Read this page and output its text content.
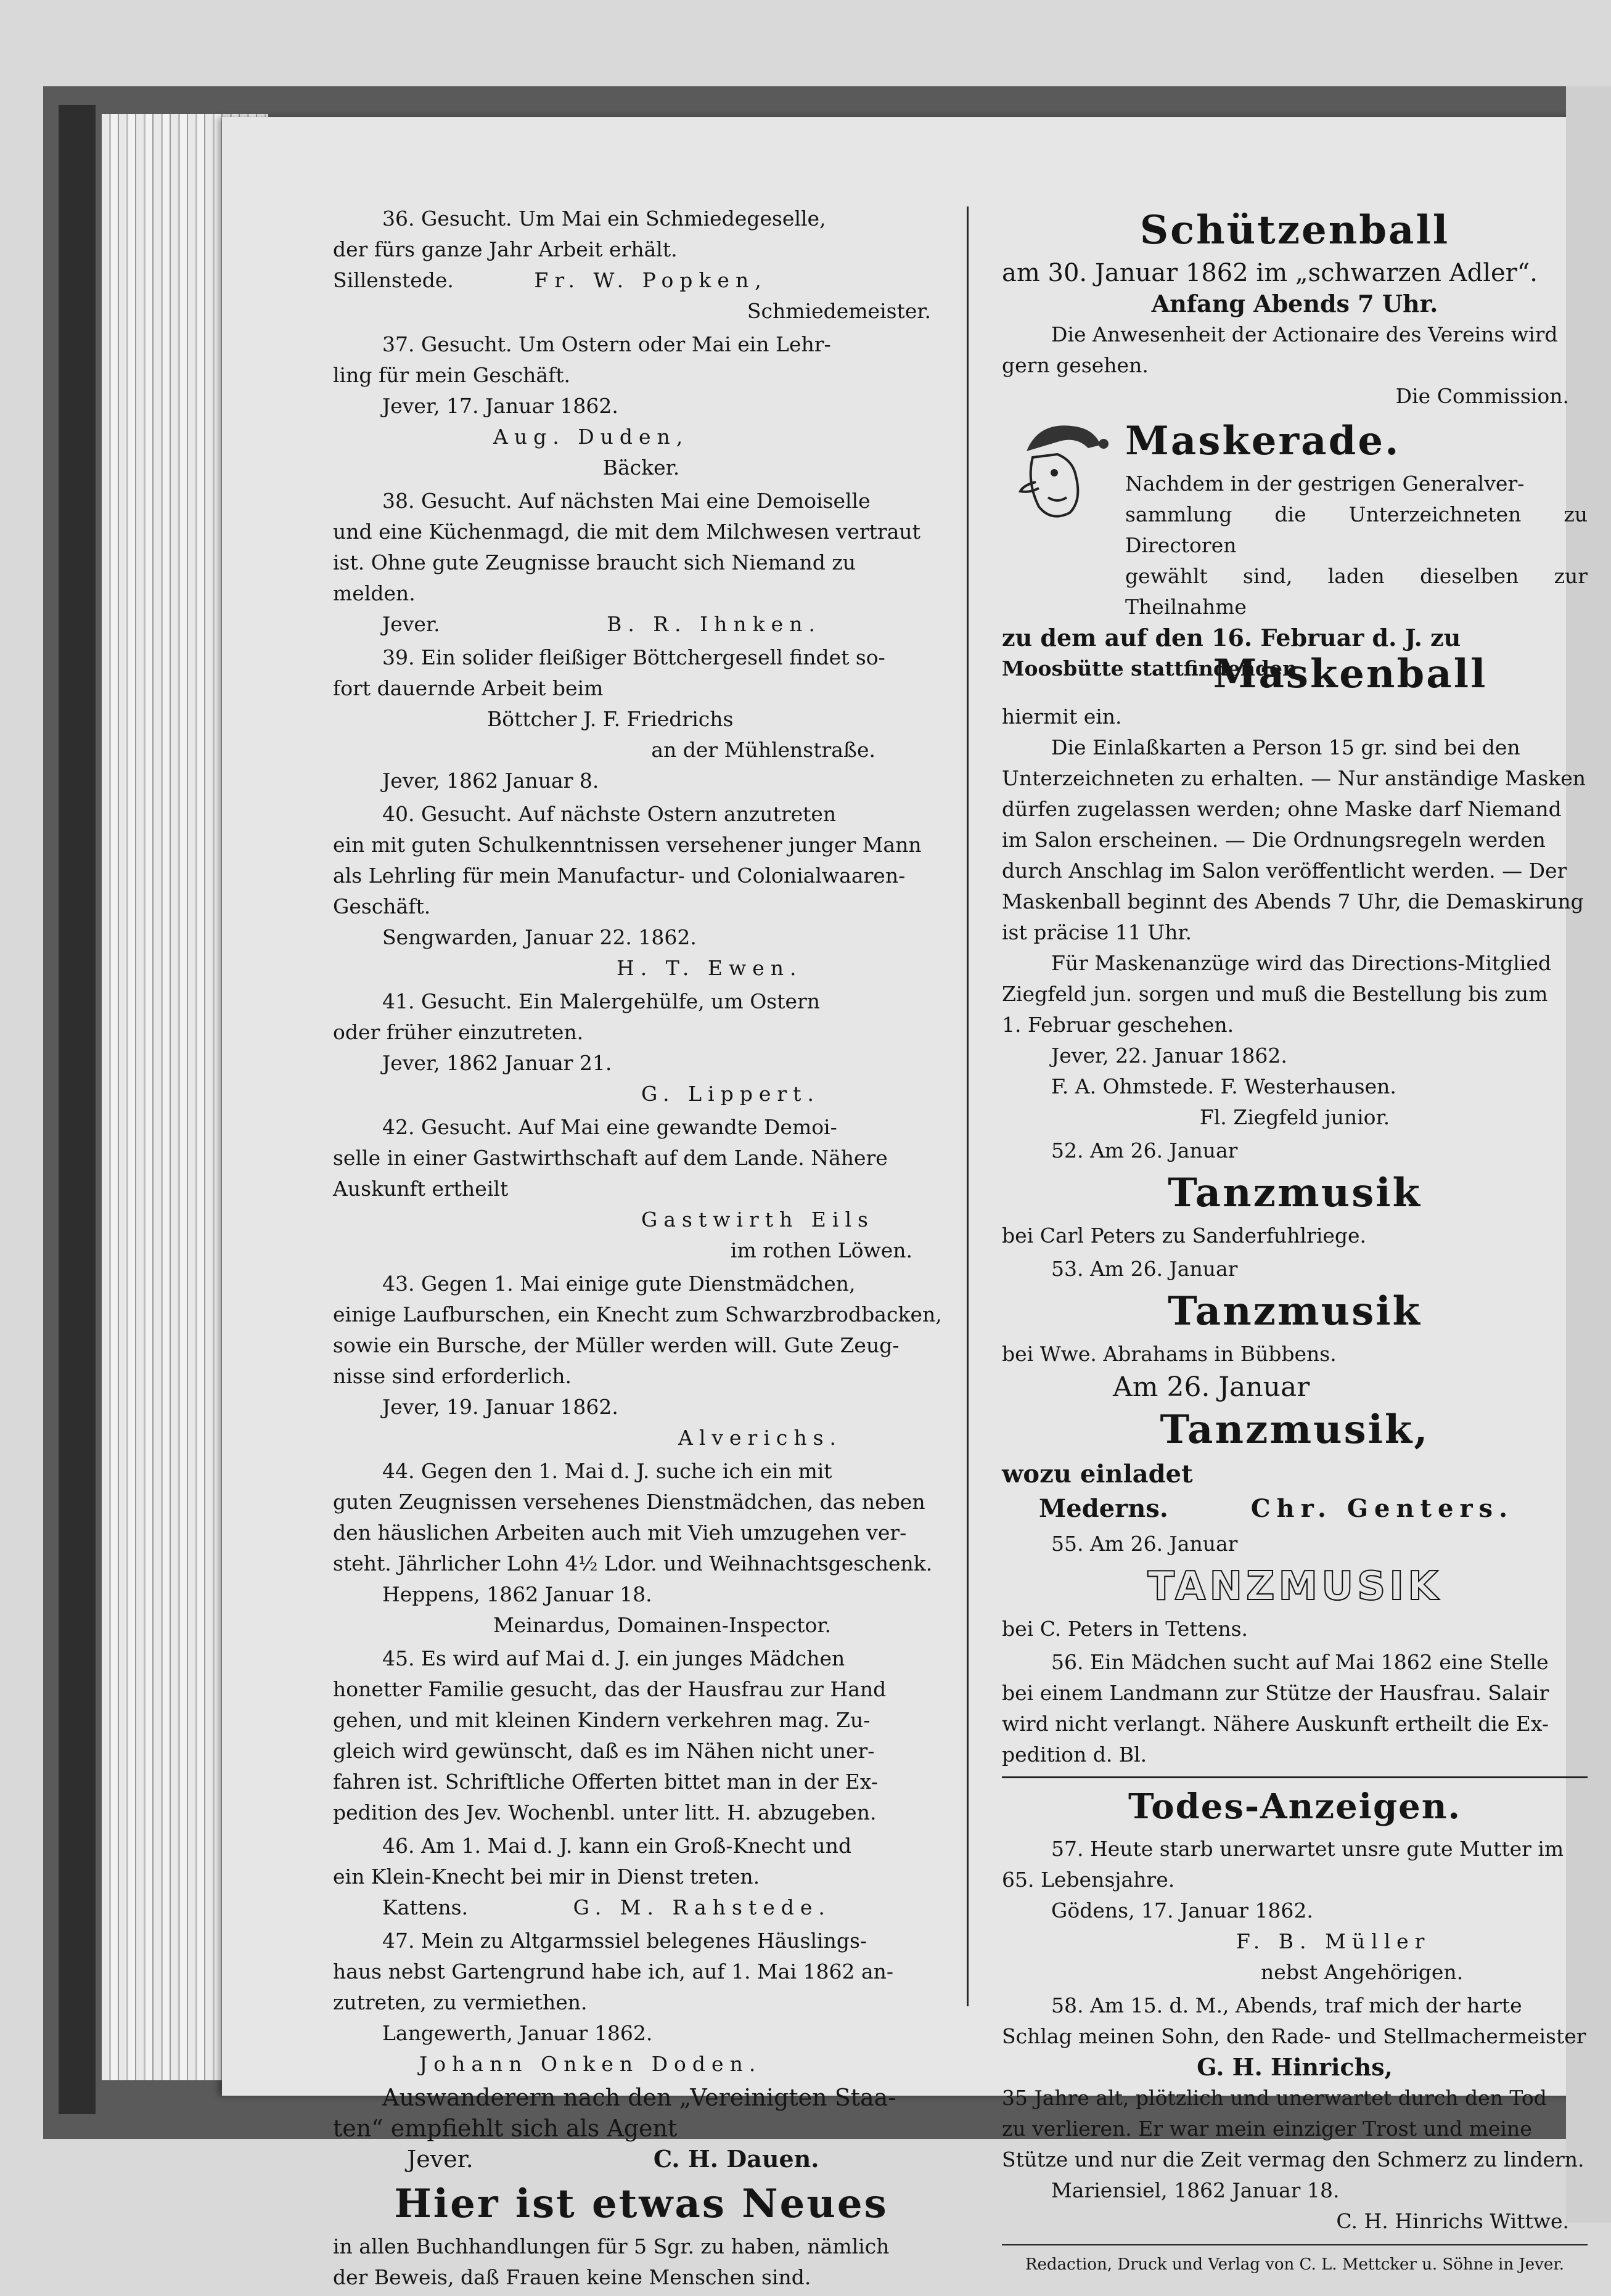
36. Gesucht. Um Mai ein Schmiedegeselle,

der fürs ganze Jahr Arbeit erhält.

Sillenstede.	Fr. W. Popken,

Schmiedemeister.

37. Gesucht. Um Ostern oder Mai ein Lehr-

ling für mein Geschäft.

Jever, 17. Januar 1862.

Aug. Duden,

Bäcker.

38. Gesucht. Auf nächsten Mai eine Demoiselle

und eine Küchenmagd, die mit dem Milchwesen vertraut

ist. Ohne gute Zeugnisse braucht sich Niemand zu

melden.

Jever.	B. R. Ihnken.

39. Ein solider fleißiger Böttchergesell findet so-

fort dauernde Arbeit beim

Böttcher J. F. Friedrichs

an der Mühlenstraße.

Jever, 1862 Januar 8.

40. Gesucht. Auf nächste Ostern anzutreten

ein mit guten Schulkenntnissen versehener junger Mann

als Lehrling für mein Manufactur- und Colonialwaaren-

Geschäft.

Sengwarden, Januar 22. 1862.

H. T. Ewen.

41. Gesucht. Ein Malergehülfe, um Ostern

oder früher einzutreten.

Jever, 1862 Januar 21.

G. Lippert.

42. Gesucht. Auf Mai eine gewandte Demoi-

selle in einer Gastwirthschaft auf dem Lande. Nähere

Auskunft ertheilt

Gastwirth Eils

im rothen Löwen.

43. Gegen 1. Mai einige gute Dienstmädchen,

einige Laufburschen, ein Knecht zum Schwarzbrodbacken,

sowie ein Bursche, der Müller werden will. Gute Zeug-

nisse sind erforderlich.

Jever, 19. Januar 1862.

Alverichs.

44. Gegen den 1. Mai d. J. suche ich ein mit

guten Zeugnissen versehenes Dienstmädchen, das neben

den häuslichen Arbeiten auch mit Vieh umzugehen ver-

steht. Jährlicher Lohn 4½ Ldor. und Weihnachtsgeschenk.

Heppens, 1862 Januar 18.

Meinardus, Domainen-Inspector.

45. Es wird auf Mai d. J. ein junges Mädchen

honetter Familie gesucht, das der Hausfrau zur Hand

gehen, und mit kleinen Kindern verkehren mag. Zu-

gleich wird gewünscht, daß es im Nähen nicht uner-

fahren ist. Schriftliche Offerten bittet man in der Ex-

pedition des Jev. Wochenbl. unter litt. H. abzugeben.

46. Am 1. Mai d. J. kann ein Groß-Knecht und

ein Klein-Knecht bei mir in Dienst treten.

Kattens.	G. M. Rahstede.

47. Mein zu Altgarmssiel belegenes Häuslings-

haus nebst Gartengrund habe ich, auf 1. Mai 1862 an-

zutreten, zu vermiethen.

Langewerth, Januar 1862.

Johann Onken Doden.

Auswanderern nach den „Vereinigten Staa-

ten“ empfiehlt sich als Agent

Jever.	C. H. Dauen.

Hier ist etwas Neues

in allen Buchhandlungen für 5 Sgr. zu haben, nämlich

der Beweis, daß Frauen keine Menschen sind.

Schützenball

am 30. Januar 1862 im „schwarzen Adler“.

Anfang Abends 7 Uhr.

Die Anwesenheit der Actionaire des Vereins wird

gern gesehen.

Die Commission.

Maskerade.

Nachdem in der gestrigen Generalver-

sammlung die Unterzeichneten zu Directoren

gewählt sind, laden dieselben zur Theilnahme

zu dem auf den 16. Februar d. J. zu

Moosbütte stattfindenden

Maskenball

hiermit ein.

Die Einlaßkarten a Person 15 gr. sind bei den

Unterzeichneten zu erhalten. — Nur anständige Masken

dürfen zugelassen werden; ohne Maske darf Niemand

im Salon erscheinen. — Die Ordnungsregeln werden

durch Anschlag im Salon veröffentlicht werden. — Der

Maskenball beginnt des Abends 7 Uhr, die Demaskirung

ist präcise 11 Uhr.

Für Maskenanzüge wird das Directions-Mitglied

Ziegfeld jun. sorgen und muß die Bestellung bis zum

1. Februar geschehen.

Jever, 22. Januar 1862.

F. A. Ohmstede. F. Westerhausen.

Fl. Ziegfeld junior.

52. Am 26. Januar

Tanzmusik

bei Carl Peters zu Sanderfuhlriege.

53. Am 26. Januar

Tanzmusik

bei Wwe. Abrahams in Bübbens.

Am 26. Januar

Tanzmusik,

wozu einladet

Mederns.	Chr. Genters.

55. Am 26. Januar

TANZMUSIK

bei C. Peters in Tettens.

56. Ein Mädchen sucht auf Mai 1862 eine Stelle

bei einem Landmann zur Stütze der Hausfrau. Salair

wird nicht verlangt. Nähere Auskunft ertheilt die Ex-

pedition d. Bl.

Todes-Anzeigen.

57. Heute starb unerwartet unsre gute Mutter im

65. Lebensjahre.

Gödens, 17. Januar 1862.

F. B. Müller

nebst Angehörigen.

58. Am 15. d. M., Abends, traf mich der harte

Schlag meinen Sohn, den Rade- und Stellmachermeister

G. H. Hinrichs,

35 Jahre alt, plötzlich und unerwartet durch den Tod

zu verlieren. Er war mein einziger Trost und meine

Stütze und nur die Zeit vermag den Schmerz zu lindern.

Mariensiel, 1862 Januar 18.

C. H. Hinrichs Wittwe.

Redaction, Druck und Verlag von C. L. Mettcker u. Söhne in Jever.
